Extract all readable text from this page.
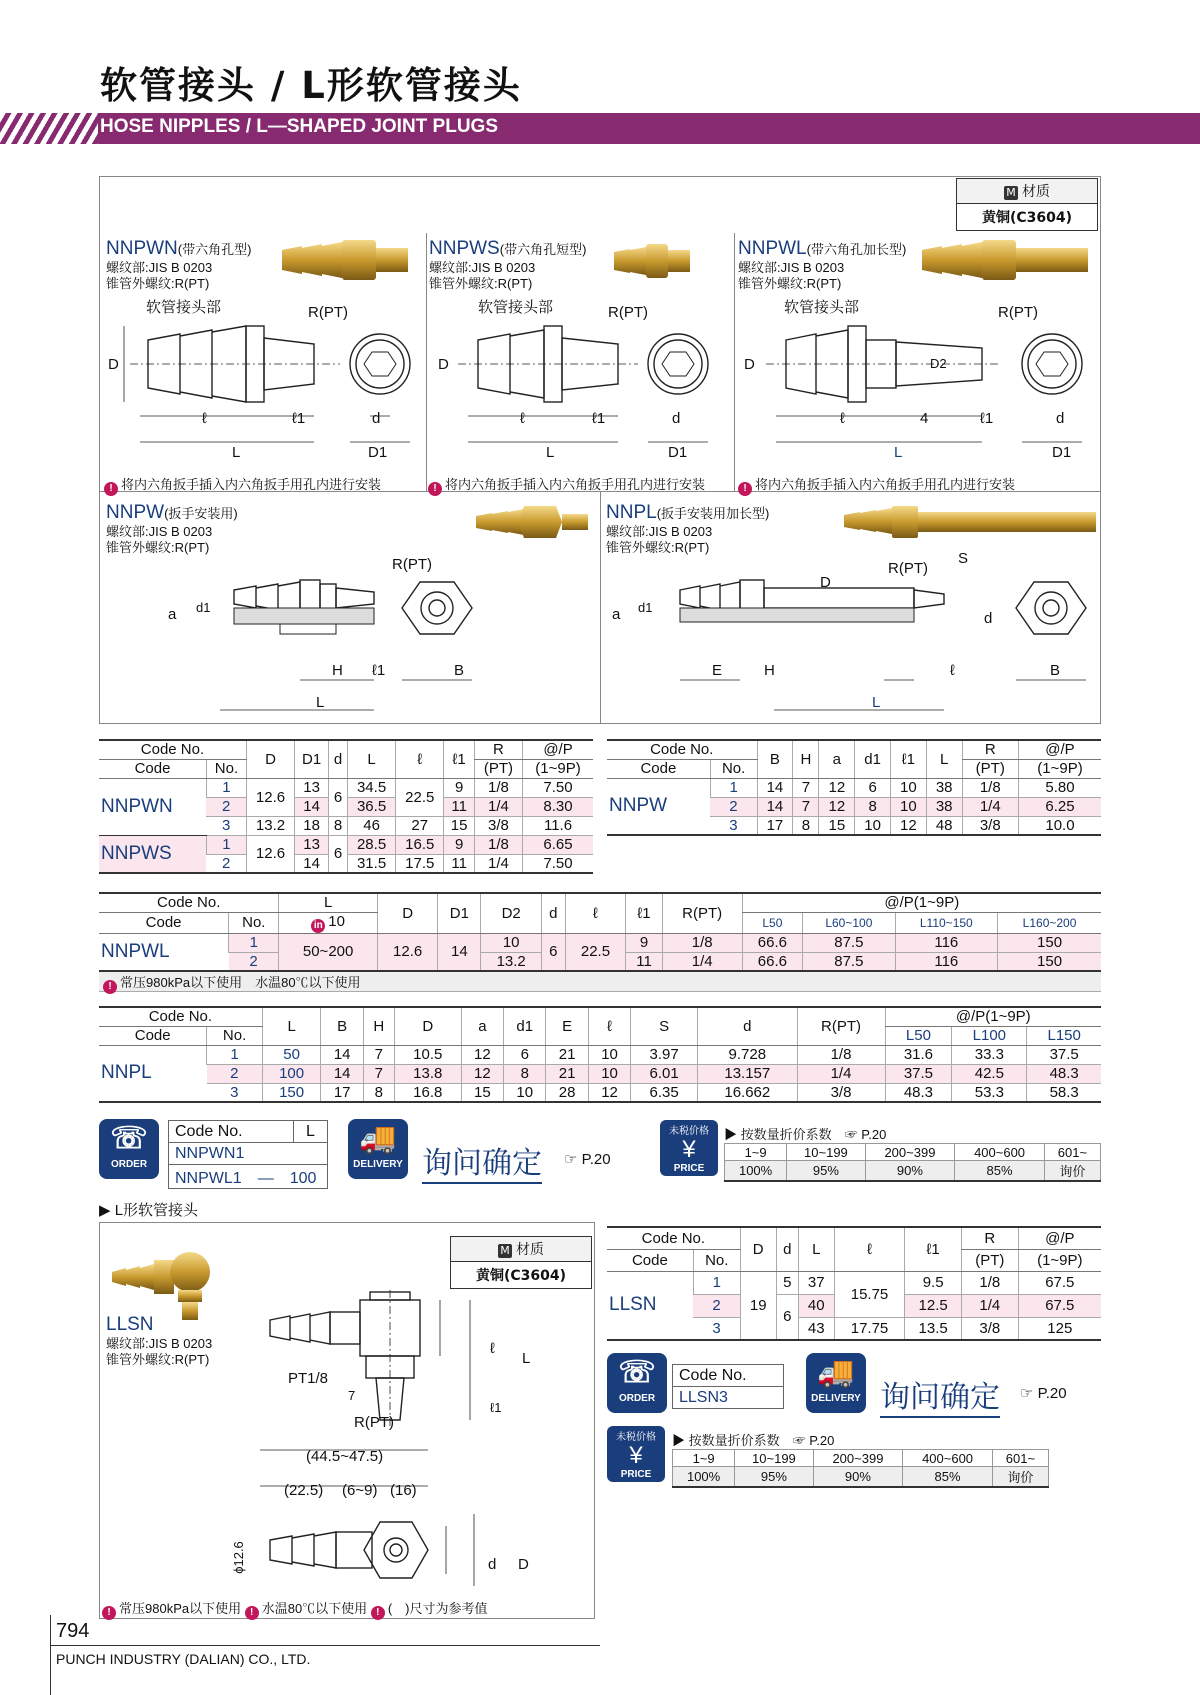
软管接头 / L形软管接头
HOSE NIPPLES / L—SHAPED JOINT PLUGS
M 材质
黄铜(C3604)
NNPWN(带六角孔型)
螺纹部:JIS B 0203
锥管外螺纹:R(PT)
NNPWS(带六角孔短型)
螺纹部:JIS B 0203
锥管外螺纹:R(PT)
NNPWL(带六角孔加长型)
螺纹部:JIS B 0203
锥管外螺纹:R(PT)
NNPW(扳手安装用)
螺纹部:JIS B 0203
锥管外螺纹:R(PT)
NNPL(扳手安装用加长型)
螺纹部:JIS B 0203
锥管外螺纹:R(PT)
软管接头部	R(PT)
D
ℓ	ℓ1	d
L	D1
软管接头部	R(PT)
D
ℓ	ℓ1	d
L	D1
软管接头部	R(PT)
D	D2
ℓ	4	ℓ1	d
L	D1
R(PT)
a d1
H ℓ1	B
L
R(PT)
S
D
a d1
d
E	H	ℓ	B
L
! 将内六角扳手插入内六角扳手用孔内进行安装	! 将内六角扳手插入内六角扳手用孔内进行安装	! 将内六角扳手插入内六角扳手用孔内进行安装
Code No.		D	D1	d	L	ℓ	ℓ1	R	@/P
Code	No.							(PT)	(1~9P)
NNPWN	1	12.6	13	6	34.5	22.5	9	1/8	7.50
	2		14		36.5		11	1/4	8.30
	3	13.2	18	8	46	27	15	3/8	11.6
NNPWS	1	12.6	13	6	28.5	16.5	9	1/8	6.65
	2		14		31.5	17.5	11	1/4	7.50
Code No.		B	H	a	d1	ℓ1	L	R	@/P
Code	No.							(PT)	(1~9P)
NNPW	1	14	7	12	6	10	38	1/8	5.80
	2	14	7	12	8	10	38	1/4	6.25
	3	17	8	15	10	12	48	3/8	10.0
Code No.		L	D	D1	D2	d	ℓ	ℓ1	R(PT)	@/P(1~9P)			
Code	No.	in 10								L50	L60~100	L110~150	L160~200
NNPWL	1	50~200	12.6	14	10	6	22.5	9	1/8	66.6	87.5	116	150
	2				13.2			11	1/4	66.6	87.5	116	150
! 常压980kPa以下使用　水温80℃以下使用
Code No.		L	B	H	D	a	d1	E	ℓ	S	d	R(PT)	@/P(1~9P)		
Code	No.												L50	L100	L150
NNPL	1	50	14	7	10.5	12	6	21	10	3.97	9.728	1/8	31.6	33.3	37.5
	2	100	14	7	13.8	12	8	21	10	6.01	13.157	1/4	37.5	42.5	48.3
	3	150	17	8	16.8	15	10	28	12	6.35	16.662	3/8	48.3	53.3	58.3
☏
ORDER
Code No.	L
NNPWN1
NNPWL1　 —　 100
🚚
DELIVERY 询问确定 ☞ P.20
未税价格
¥
PRICE
▶ 按数量折价系数　☞ P.20
1~9	10~199	200~399	400~600	601~
100%	95%	90%	85%	询价
▶ L形软管接头
M 材质
黄铜(C3604)
LLSN
螺纹部:JIS B 0203
锥管外螺纹:R(PT)
PT1/8
7
R(PT)
ℓ
ℓ1
L
(44.5~47.5)
(22.5) (6~9) (16)
ϕ12.6	d D
! 常压980kPa以下使用 ! 水温80℃以下使用 ! (　)尺寸为参考值
Code No.		D	d	L	ℓ	ℓ1	R	@/P
Code	No.						(PT)	(1~9P)
LLSN	1	19	5	37	15.75	9.5	1/8	67.5
	2		6	40		12.5	1/4	67.5
	3			43	17.75	13.5	3/8	125
☏
ORDER
Code No.
LLSN3
🚚
DELIVERY 询问确定 ☞ P.20
未税价格
¥
PRICE
▶ 按数量折价系数　☞ P.20
1~9	10~199	200~399	400~600	601~
100%	95%	90%	85%	询价
794
PUNCH INDUSTRY (DALIAN) CO., LTD.
